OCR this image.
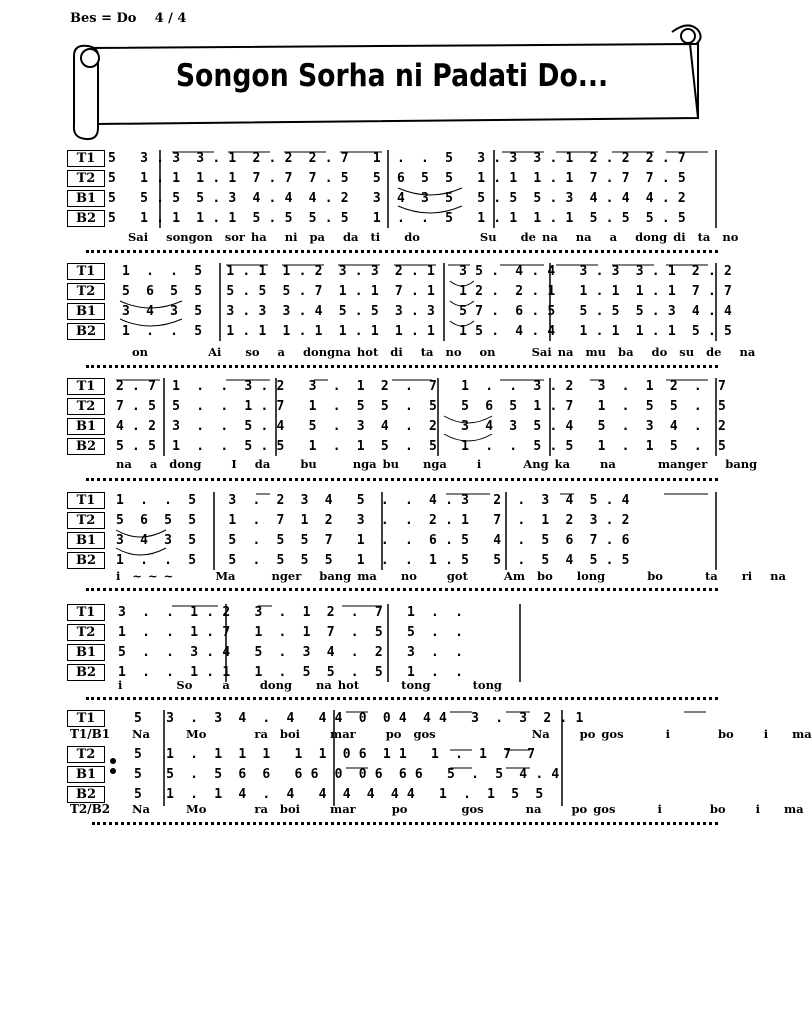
Bes = Do    4 / 4
Songon Sorha ni Padati Do...
T1 5   3 . 3  3 . 1  2 . 2  2 . 7   1  .  .  5   3 . 3  3 . 1  2 . 2  2 . 7
T2 5   1 . 1  1 . 1  7 . 7  7 . 5   5  6  5  5   1 . 1  1 . 1  7 . 7  7 . 5
B1 5   5 . 5  5 . 3  4 . 4  4 . 2   3  4  3  5   5 . 5  5 . 3  4 . 4  4 . 2
B2 5   1 . 1  1 . 1  5 . 5  5 . 5   1  .  .  5   1 . 1  1 . 1  5 . 5  5 . 5
Sai   songon  sor ha   ni  pa   da  ti    do          Su    de na   na   a   dong di  ta  no
T1	1  .  .  5   1 . 1  1 . 2  3 . 3  2 . 1   3 5 .  4 . 4   3 . 3  3 . 1  2 . 2
T2	5  6  5  5   5 . 5  5 . 7  1 . 1  7 . 1   1 2 .  2 . 1   1 . 1  1 . 1  7 . 7
B1	3  4  3  5   3 . 3  3 . 4  5 . 5  3 . 3   5 7 .  6 . 5   5 . 5  5 . 3  4 . 4
B2	1  .  .  5   1 . 1  1 . 1  1 . 1  1 . 1   1 5 .  4 . 4   1 . 1  1 . 1  5 . 5
on          Ai    so   a   dongna hot  di   ta  no   on      Sai na  mu  ba   do  su  de   na
T1	2 . 7  1  .  .  3 . 2   3  .  1  2  .  7   1  .  .  3 . 2   3  .  1  2  .  7
T2	7 . 5  5  .  .  1 . 7   1  .  5  5  .  5   5  6  5  1 . 7   1  .  5  5  .  5
B1	4 . 2  3  .  .  5 . 4   5  .  3  4  .  2   3  4  3  5 . 4   5  .  3  4  .  2
B2	5 . 5  1  .  .  5 . 5   1  .  1  5  .  5   1  .  .  5 . 5   1  .  1  5  .  5
na   a  dong     I   da     bu      nga bu    nga     i       Ang ka     na       manger   bang
T1	1  .  .  5    3  .  2  3  4   5  .  .  4 . 3   2  .  3  4  5 . 4
T2	5  6  5  5    1  .  7  1  2   3  .  .  2 . 1   7  .  1  2  3 . 2
B1	3  4  3  5    5  .  5  5  7   1  .  .  6 . 5   4  .  5  6  7 . 6
B2	1  .  .  5    5  .  5  5  5   1  .  .  1 . 5   5  .  5  4  5 . 5
i  ~ ~ ~       Ma      nger   bang ma    no     got      Am  bo    long       bo       ta    ri   na
T1	3  .  .  1 . 2   3  .  1  2  .  7   1  .  .
T2	1  .  .  1 . 7   1  .  1  7  .  5   5  .  .
B1	5  .  .  3 . 4   5  .  3  4  .  2   3  .  .
B2	1  .  .  1 . 1   1  .  5  5  .  5   1  .  .
i         So     a     dong    na hot       tong       tong
T1	5   3  .  3  4  .  4   4 4  0  0 4  4 4   3  .  3  2 . 1
T1/B1 Na      Mo        ra  boi     mar     po  gos                Na     po gos       i        bo     i    ma
T2	5   1  .  1  1  1   1  1  0 6  1 1   1  .  1  7  7
B1	5   5  .  5  6  6   6 6  0  0 6  6 6   5  .  5  4 . 4
B2	5   1  .  1  4  .  4   4  4  4  4 4   1  .  1  5  5
T2/B2 Na      Mo        ra  boi     mar      po         gos       na     po gos       i        bo     i    ma
